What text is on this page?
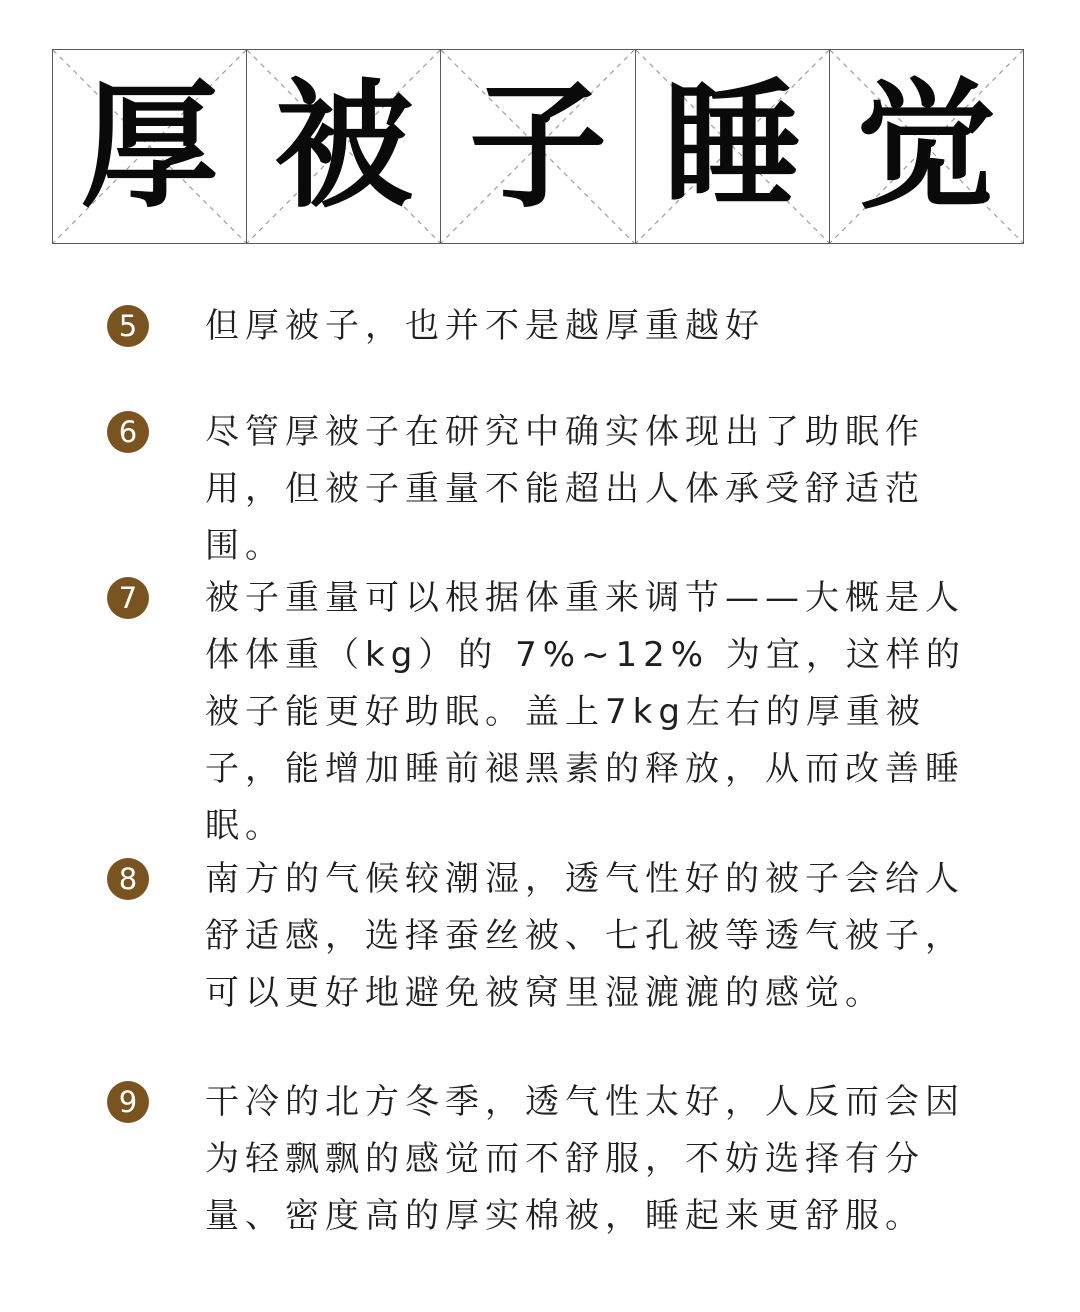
厚 被 子 睡 觉
5	但厚被子，也并不是越厚重越好

6	尽管厚被子在研究中确实体现出了助眠作用，但被子重量不能超出人体承受舒适范围。

7	被子重量可以根据体重来调节——大概是人体体重（kg）的 7%~12% 为宜，这样的被子能更好助眠。盖上7kg左右的厚重被子，能增加睡前褪黑素的释放，从而改善睡眠。

8	南方的气候较潮湿，透气性好的被子会给人舒适感，选择蚕丝被、七孔被等透气被子，可以更好地避免被窝里湿漉漉的感觉。

9	干冷的北方冬季，透气性太好，人反而会因为轻飘飘的感觉而不舒服，不妨选择有分量、密度高的厚实棉被，睡起来更舒服。
